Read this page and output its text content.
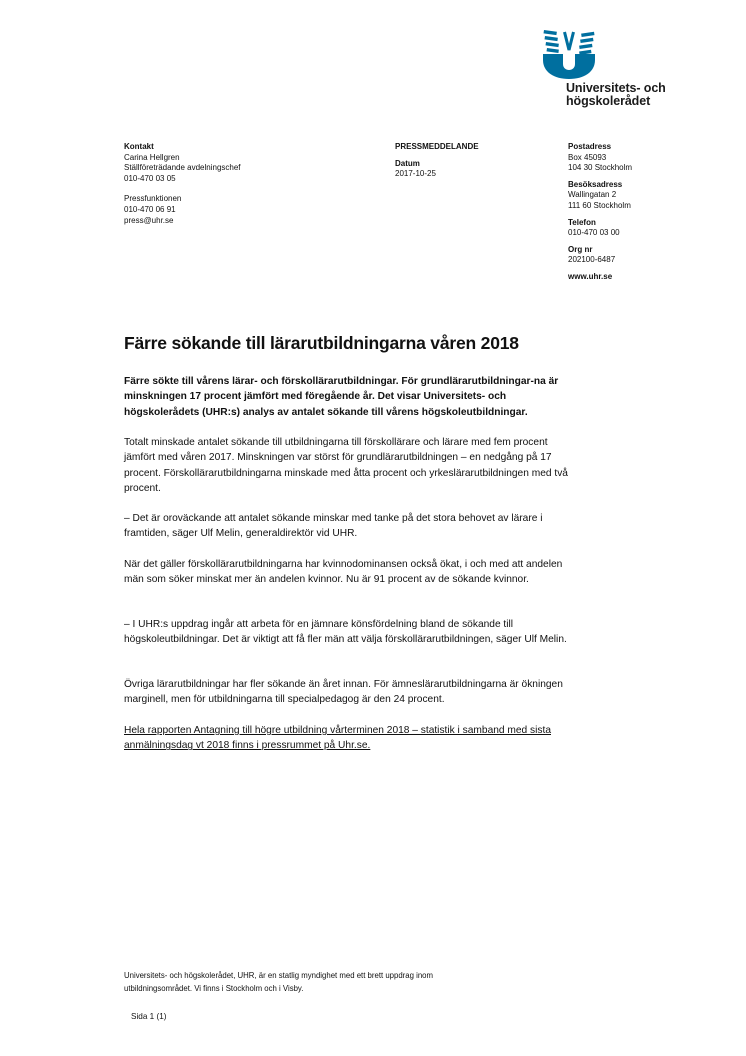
Universitets- och
högskolerådet
Kontakt
Carina Hellgren
Ställföreträdande avdelningschef
010-470 03 05
Pressfunktionen
010-470 06 91
press@uhr.se
PRESSMEDDELANDE
Datum
2017-10-25
Postadress
Box 45093
104 30 Stockholm
Besöksadress
Wallingatan 2
111 60 Stockholm
Telefon
010-470 03 00
Org nr
202100-6487
www.uhr.se
Färre sökande till lärarutbildningarna våren 2018

Färre sökte till vårens lärar- och förskollärarutbildningar. För grundlärarutbildningar-na är minskningen 17 procent jämfört med föregående år. Det visar Universitets- och högskolerådets (UHR:s) analys av antalet sökande till vårens högskoleutbildningar.

Totalt minskade antalet sökande till utbildningarna till förskollärare och lärare med fem procent jämfört med våren 2017. Minskningen var störst för grundlärarutbildningen – en nedgång på 17 procent. Förskollärarutbildningarna minskade med åtta procent och yrkeslärarutbildningen med två procent.

– Det är oroväckande att antalet sökande minskar med tanke på det stora behovet av lärare i framtiden, säger Ulf Melin, generaldirektör vid UHR.

När det gäller förskollärarutbildningarna har kvinnodominansen också ökat, i och med att andelen män som söker minskat mer än andelen kvinnor. Nu är 91 procent av de sökande kvinnor.

– I UHR:s uppdrag ingår att arbeta för en jämnare könsfördelning bland de sökande till högskoleutbildningar. Det är viktigt att få fler män att välja förskollärarutbildningen, säger Ulf Melin.

Övriga lärarutbildningar har fler sökande än året innan. För ämneslärarutbildningarna är ökningen marginell, men för utbildningarna till specialpedagog är den 24 procent.

Hela rapporten Antagning till högre utbildning vårterminen 2018 – statistik i samband med sista anmälningsdag vt 2018 finns i pressrummet på Uhr.se.

Universitets- och högskolerådet, UHR, är en statlig myndighet med ett brett uppdrag inom
utbildningsområdet. Vi finns i Stockholm och i Visby.
Sida 1 (1)
